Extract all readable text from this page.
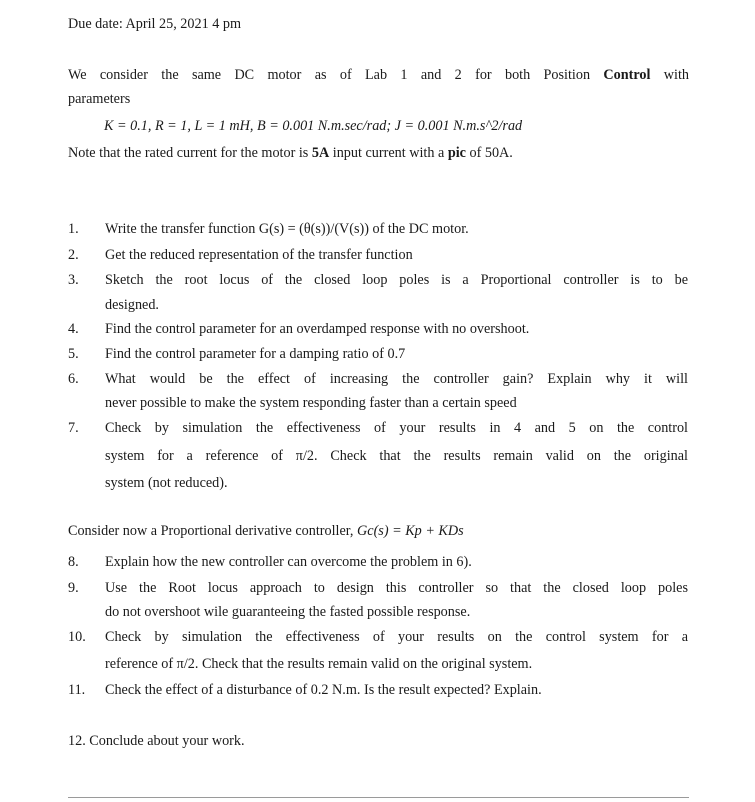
Due date: April 25, 2021 4 pm
We consider the same DC motor as of Lab 1 and 2 for both Position Control with
parameters
K = 0.1, R = 1, L = 1 mH, B = 0.001 N.m.sec/rad; J = 0.001 N.m.s^2/rad
Note that the rated current for the motor is 5A input current with a pic of 50A.
1. Write the transfer function G(s) = (θ(s))/(V(s)) of the DC motor.
2. Get the reduced representation of the transfer function
3. Sketch the root locus of the closed loop poles is a Proportional controller is to be
designed.
4. Find the control parameter for an overdamped response with no overshoot.
5. Find the control parameter for a damping ratio of 0.7
6. What would be the effect of increasing the controller gain? Explain why it will
never possible to make the system responding faster than a certain speed
7. Check by simulation the effectiveness of your results in 4 and 5 on the control
system for a reference of π/2. Check that the results remain valid on the original
system (not reduced).
Consider now a Proportional derivative controller, Gc(s) = Kp + KDs
8. Explain how the new controller can overcome the problem in 6).
9. Use the Root locus approach to design this controller so that the closed loop poles
do not overshoot wile guaranteeing the fasted possible response.
10. Check by simulation the effectiveness of your results on the control system for a
reference of π/2. Check that the results remain valid on the original system.
11. Check the effect of a disturbance of 0.2 N.m. Is the result expected? Explain.
12. Conclude about your work.
